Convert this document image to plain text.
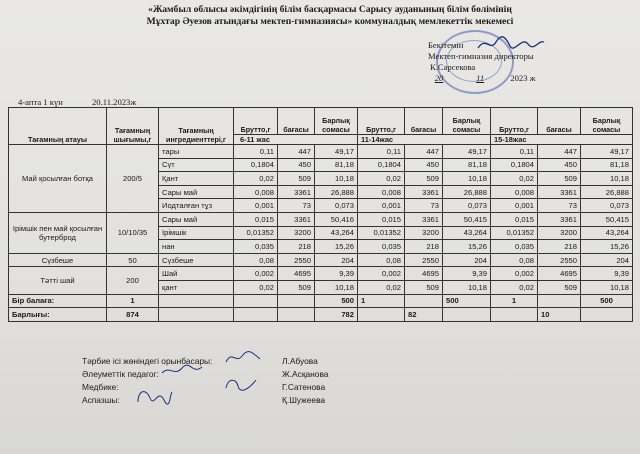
«Жамбыл облысы әкімдігінің білім басқармасы Сарысу ауданының білім бөлімінің
Мұхтар Әуезов атындағы мектеп-гимназиясы» коммуналдық мемлекеттік мекемесі
Бекітемін
Мектеп-гимназия директоры
К.Сарсекова
20	11	2023 ж
4-апта 1 күн	20.11.2023ж
Тағамның атауы	Тағамның шығымы,г	Тағамның ингредиенттері,г	Брутто,г	бағасы	Барлық сомасы	Брутто,г	бағасы	Барлық сомасы	Брутто,г	бағасы	Барлық сомасы
			6-11 жас			11-14жас			15-18жас		
Май қосылған ботқа	200/5	тары	0,11	447	49,17	0,11	447	49,17	0,11	447	49,17
		Сүт	0,1804	450	81,18	0,1804	450	81,18	0,1804	450	81,18
		Қант	0,02	509	10,18	0,02	509	10,18	0,02	509	10,18
		Сары май	0,008	3361	26,888	0,008	3361	26,888	0,008	3361	26,888
		Иодталған тұз	0,001	73	0,073	0,001	73	0,073	0,001	73	0,073
Ірімшік пен май қосылған бутерброд	10/10/35	Сары май	0,015	3361	50,416	0,015	3361	50,415	0,015	3361	50,415
		Ірімшік	0,01352	3200	43,264	0,01352	3200	43,264	0,01352	3200	43,264
		нан	0,035	218	15,26	0,035	218	15,26	0,035	218	15,26
Сүзбеше	50	Сүзбеше	0,08	2550	204	0,08	2550	204	0,08	2550	204
Тәтті шай	200	Шай	0,002	4695	9,39	0,002	4695	9,39	0,002	4695	9,39
		қант	0,02	509	10,18	0,02	509	10,18	0,02	509	10,18
Бір балаға:	1				500	1		500	1		500
Барлығы:	874				782		82			10	
Тәрбие ісі жөніндегі орынбасары:
Әлеуметтік педагог:
Медбике:
Аспазшы:
Л.Абуова
Ж.Асқанова
Г.Сатенова
Қ.Шужеева
